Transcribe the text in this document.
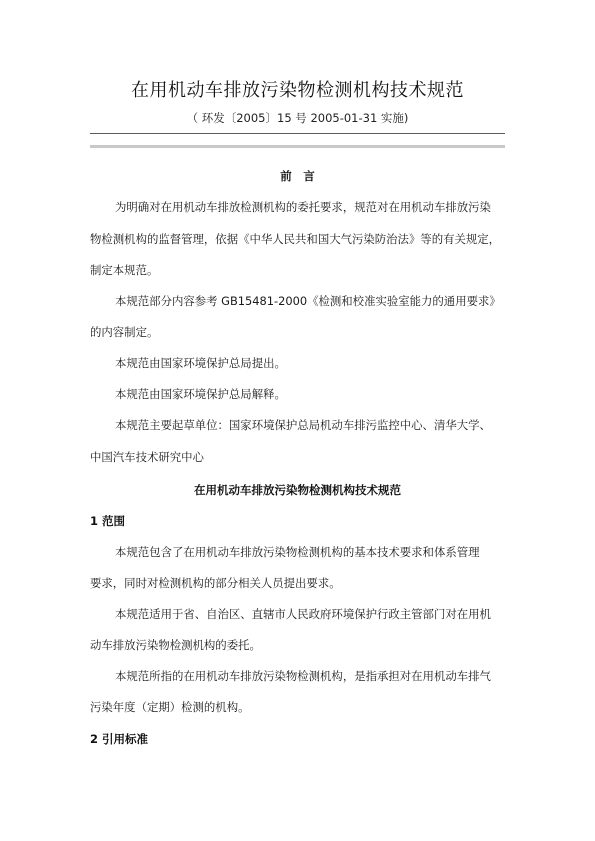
在用机动车排放污染物检测机构技术规范
（ 环发〔2005〕15 号 2005-01-31 实施)
前　言
为明确对在用机动车排放检测机构的委托要求，规范对在用机动车排放污染
物检测机构的监督管理，依据《中华人民共和国大气污染防治法》等的有关规定，
制定本规范。
本规范部分内容参考 GB15481-2000《检测和校准实验室能力的通用要求》
的内容制定。
本规范由国家环境保护总局提出。
本规范由国家环境保护总局解释。
本规范主要起草单位：国家环境保护总局机动车排污监控中心、清华大学、
中国汽车技术研究中心
在用机动车排放污染物检测机构技术规范
1 范围
本规范包含了在用机动车排放污染物检测机构的基本技术要求和体系管理
要求，同时对检测机构的部分相关人员提出要求。
本规范适用于省、自治区、直辖市人民政府环境保护行政主管部门对在用机
动车排放污染物检测机构的委托。
本规范所指的在用机动车排放污染物检测机构，是指承担对在用机动车排气
污染年度（定期）检测的机构。
2 引用标准
